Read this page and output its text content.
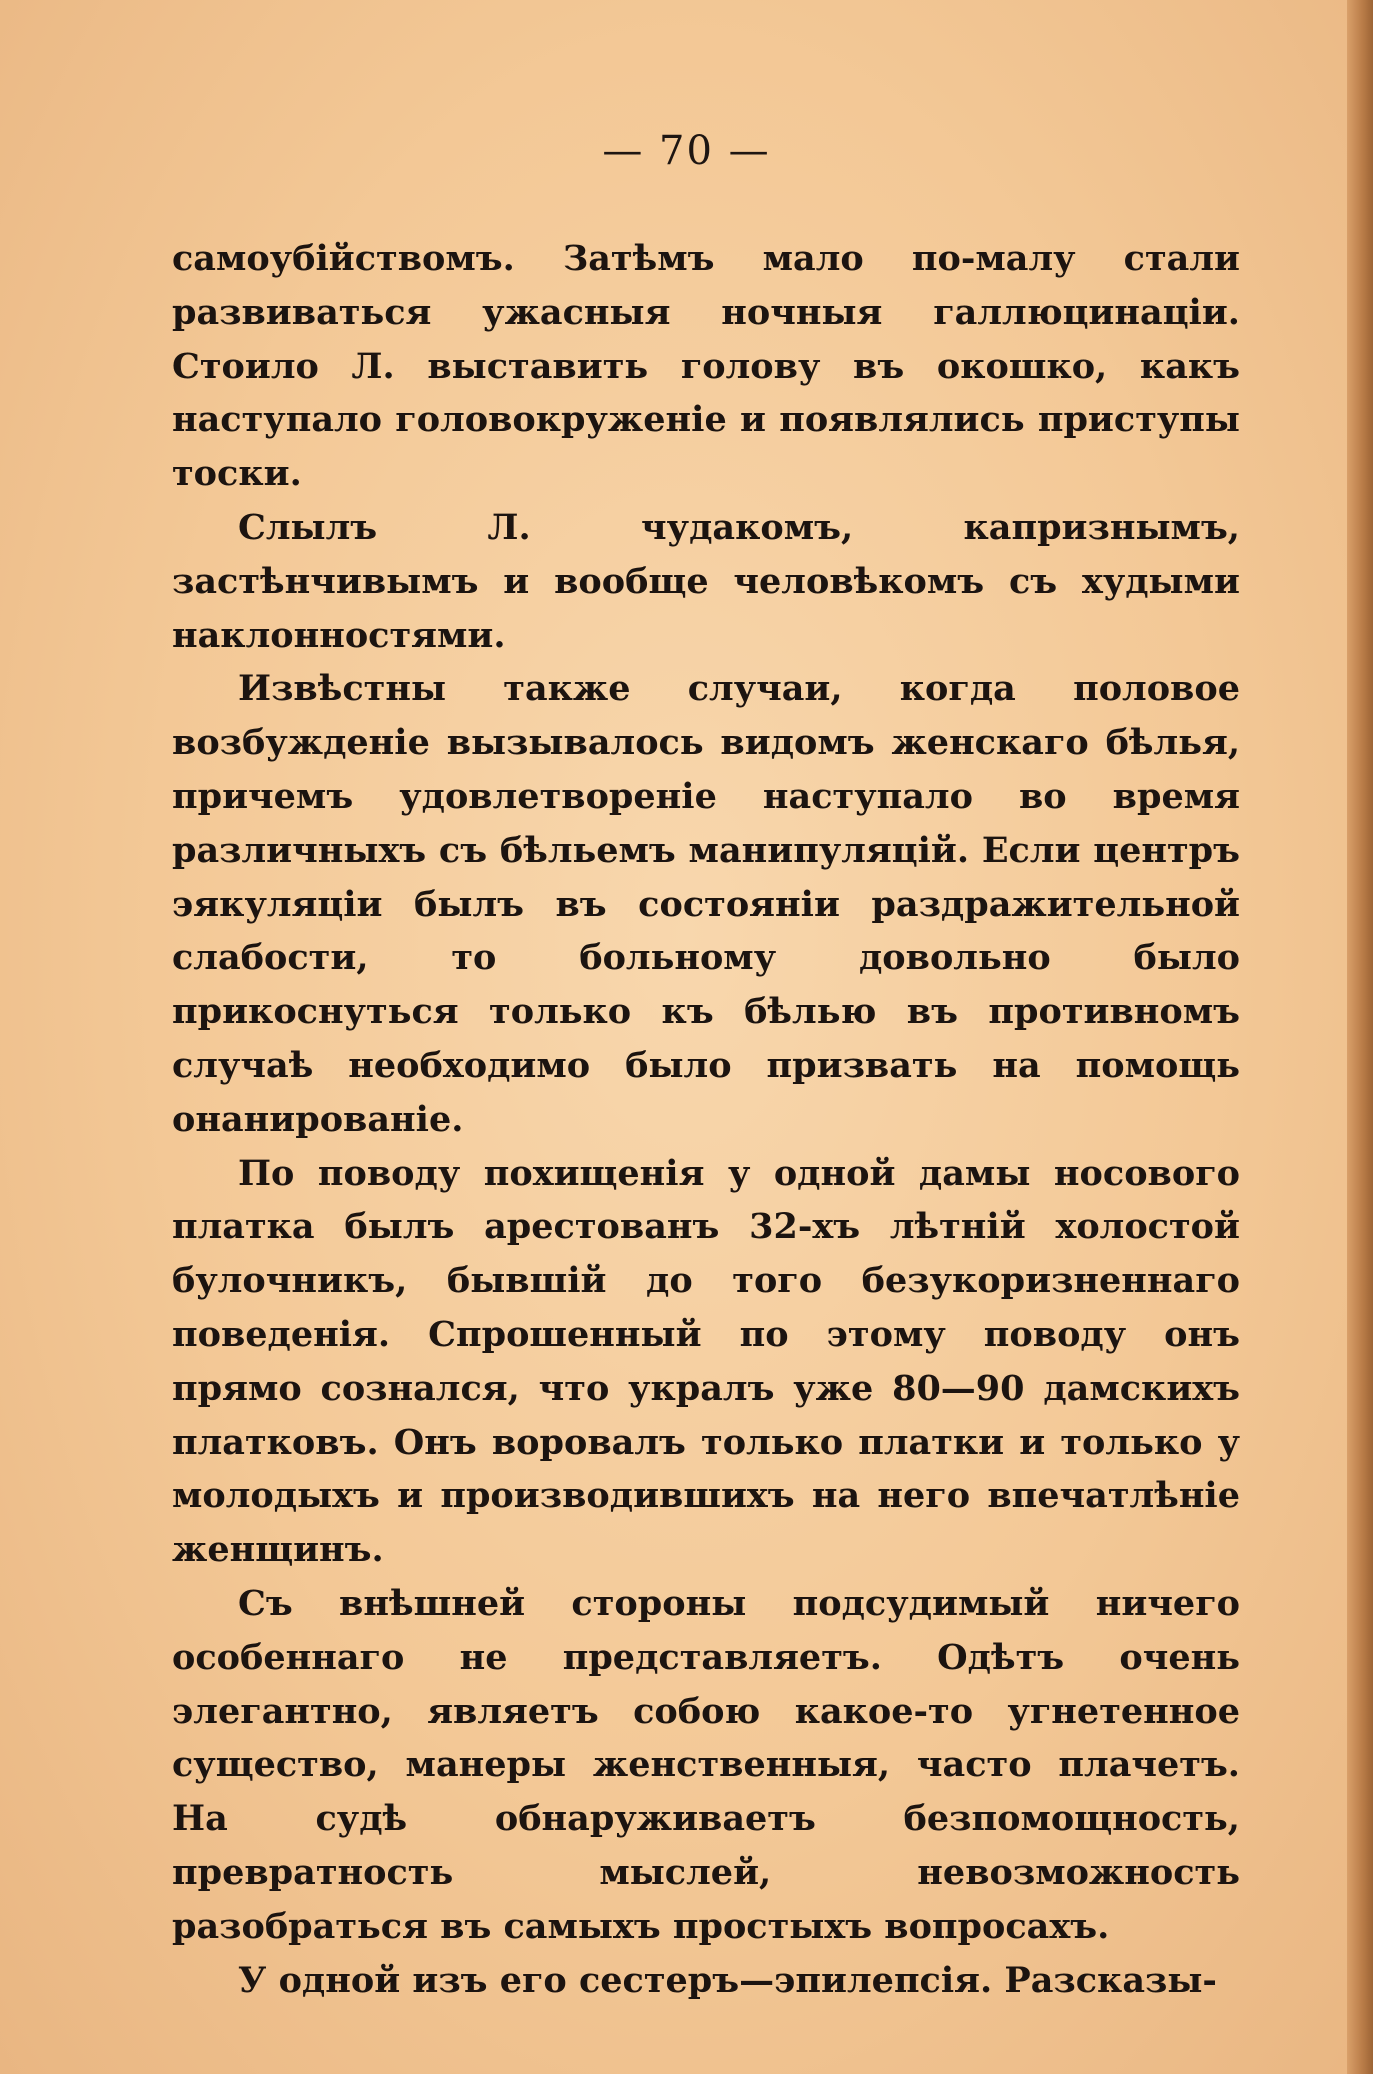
— 70 —

самоубійствомъ. Затѣмъ мало по-малу стали развиваться ужасныя ночныя галлюцинаціи. Стоило Л. выставить голову въ окошко, какъ наступало головокруженіе и появлялись приступы тоски.

Слылъ Л. чудакомъ, капризнымъ, застѣнчивымъ и вообще человѣкомъ съ худыми наклонностями.

Извѣстны также случаи, когда половое возбужденіе вызывалось видомъ женскаго бѣлья, причемъ удовлетвореніе наступало во время различныхъ съ бѣльемъ манипуляцій. Если центръ эякуляціи былъ въ состояніи раздражительной слабости, то больному довольно было прикоснуться только къ бѣлью въ противномъ случаѣ необходимо было призвать на помощь онанированіе.

По поводу похищенія у одной дамы носового платка былъ арестованъ 32-хъ лѣтній холостой булочникъ, бывшій до того безукоризненнаго поведенія. Спрошенный по этому поводу онъ прямо сознался, что укралъ уже 80—90 дамскихъ платковъ. Онъ воровалъ только платки и только у молодыхъ и производившихъ на него впечатлѣніе женщинъ.

Съ внѣшней стороны подсудимый ничего особеннаго не представляетъ. Одѣтъ очень элегантно, являетъ собою какое-то угнетенное существо, манеры женственныя, часто плачетъ. На судѣ обнаруживаетъ безпомощность, превратность мыслей, невозможность разобраться въ самыхъ простыхъ вопросахъ.

У одной изъ его сестеръ—эпилепсія. Разсказы-
